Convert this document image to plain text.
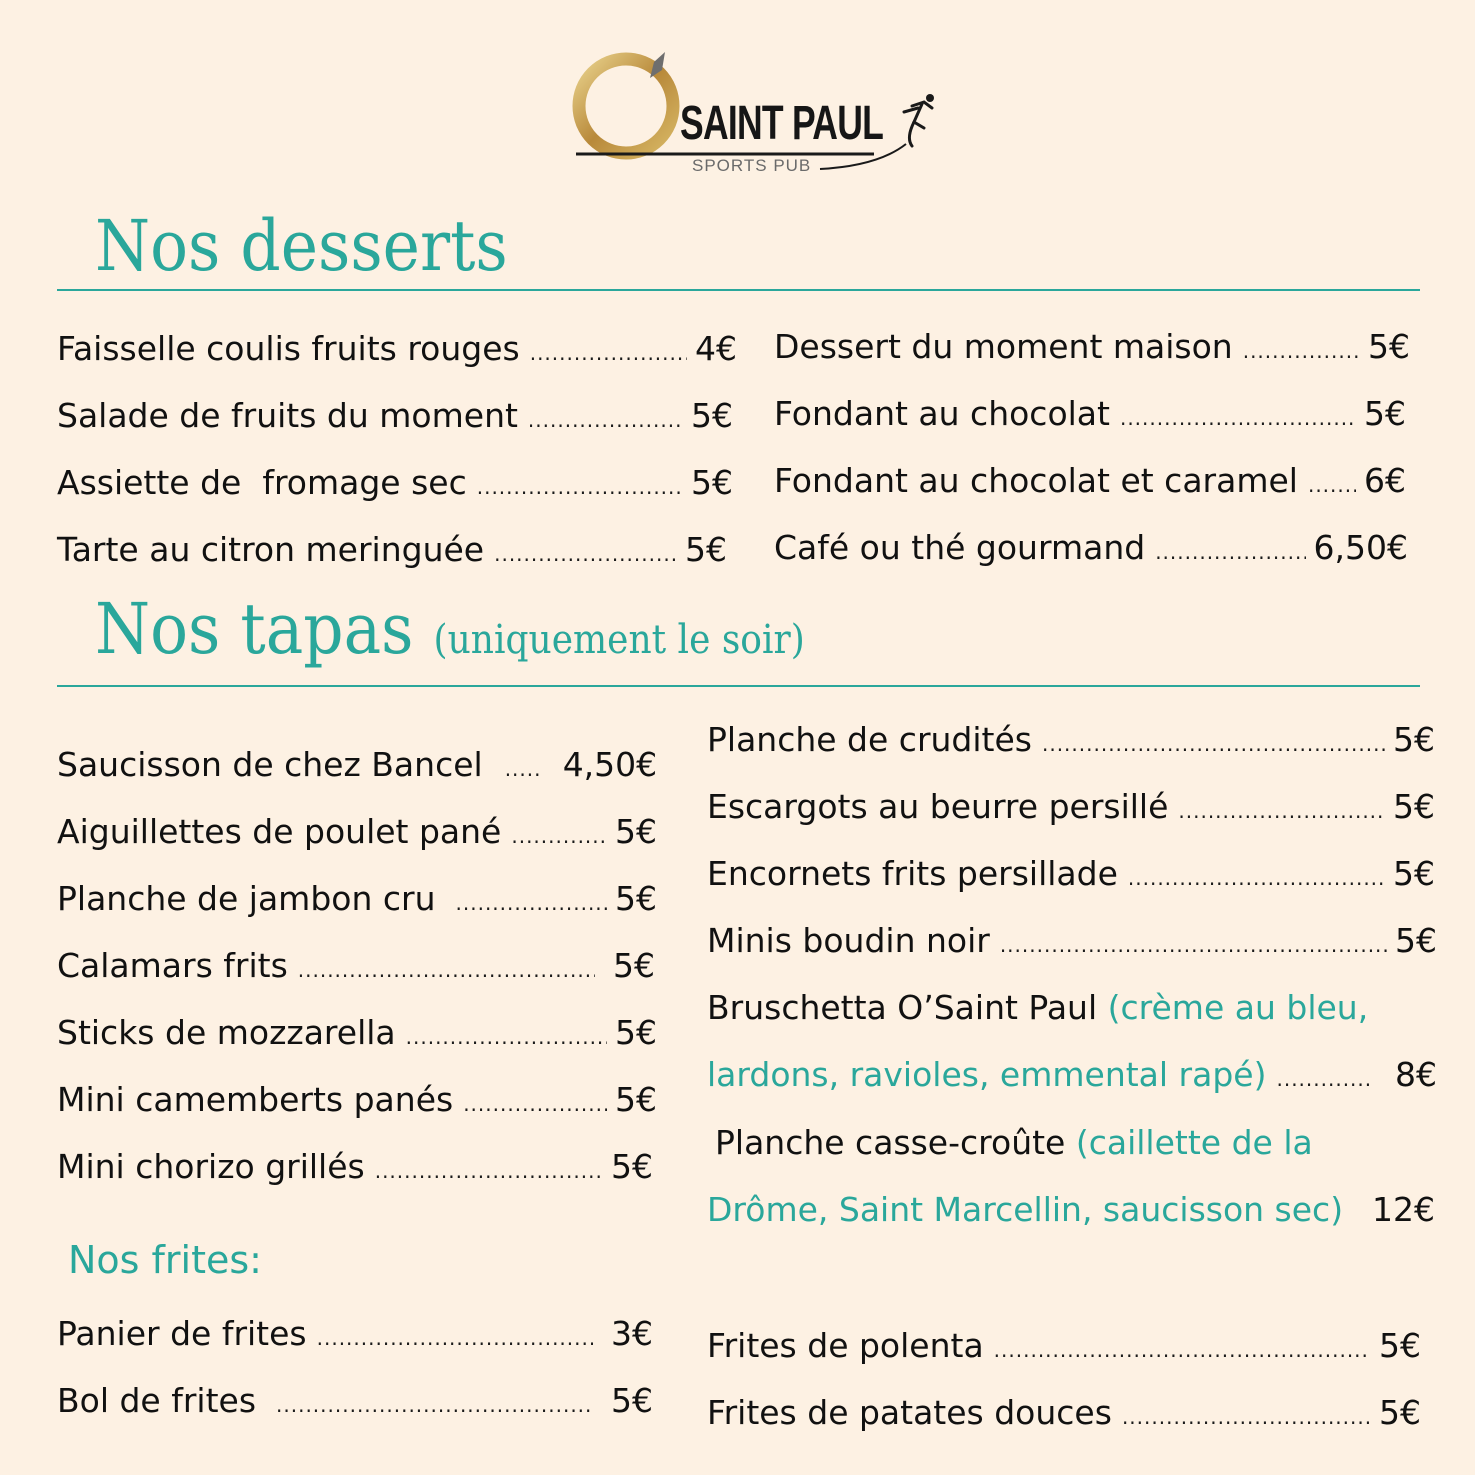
SAINT PAUL
SPORTS PUB
Nos desserts
Faisselle coulis fruits rouges .....	4€
Salade de fruits du moment .....	5€
Assiette de  fromage sec .....	5€
Tarte au citron meringuée .....	5€
Dessert du moment maison .....	5€
Fondant au chocolat .....	5€
Fondant au chocolat et caramel ..... 6€
Café ou thé gourmand .....	6,50€
Nos tapas (uniquement le soir)
Saucisson de chez Bancel ..... 4,50€
Aiguillettes de poulet pané .....	5€
Planche de jambon cru .....	5€
Calamars frits .....	5€
Sticks de mozzarella .....	5€
Mini camemberts panés .....	5€
Mini chorizo grillés .....	5€
Planche de crudités .....	5€
Escargots au beurre persillé .....	5€
Encornets frits persillade .....	5€
Minis boudin noir .....	5€
Bruschetta O’Saint Paul (crème au bleu,
lardons, ravioles, emmental rapé) .....	8€
Planche casse-croûte (caillette de la
Drôme, Saint Marcellin, saucisson sec) 12€
Nos frites:
Panier de frites .....	3€
Bol de frites .....	5€
Frites de polenta .....	5€
Frites de patates douces .....	5€
